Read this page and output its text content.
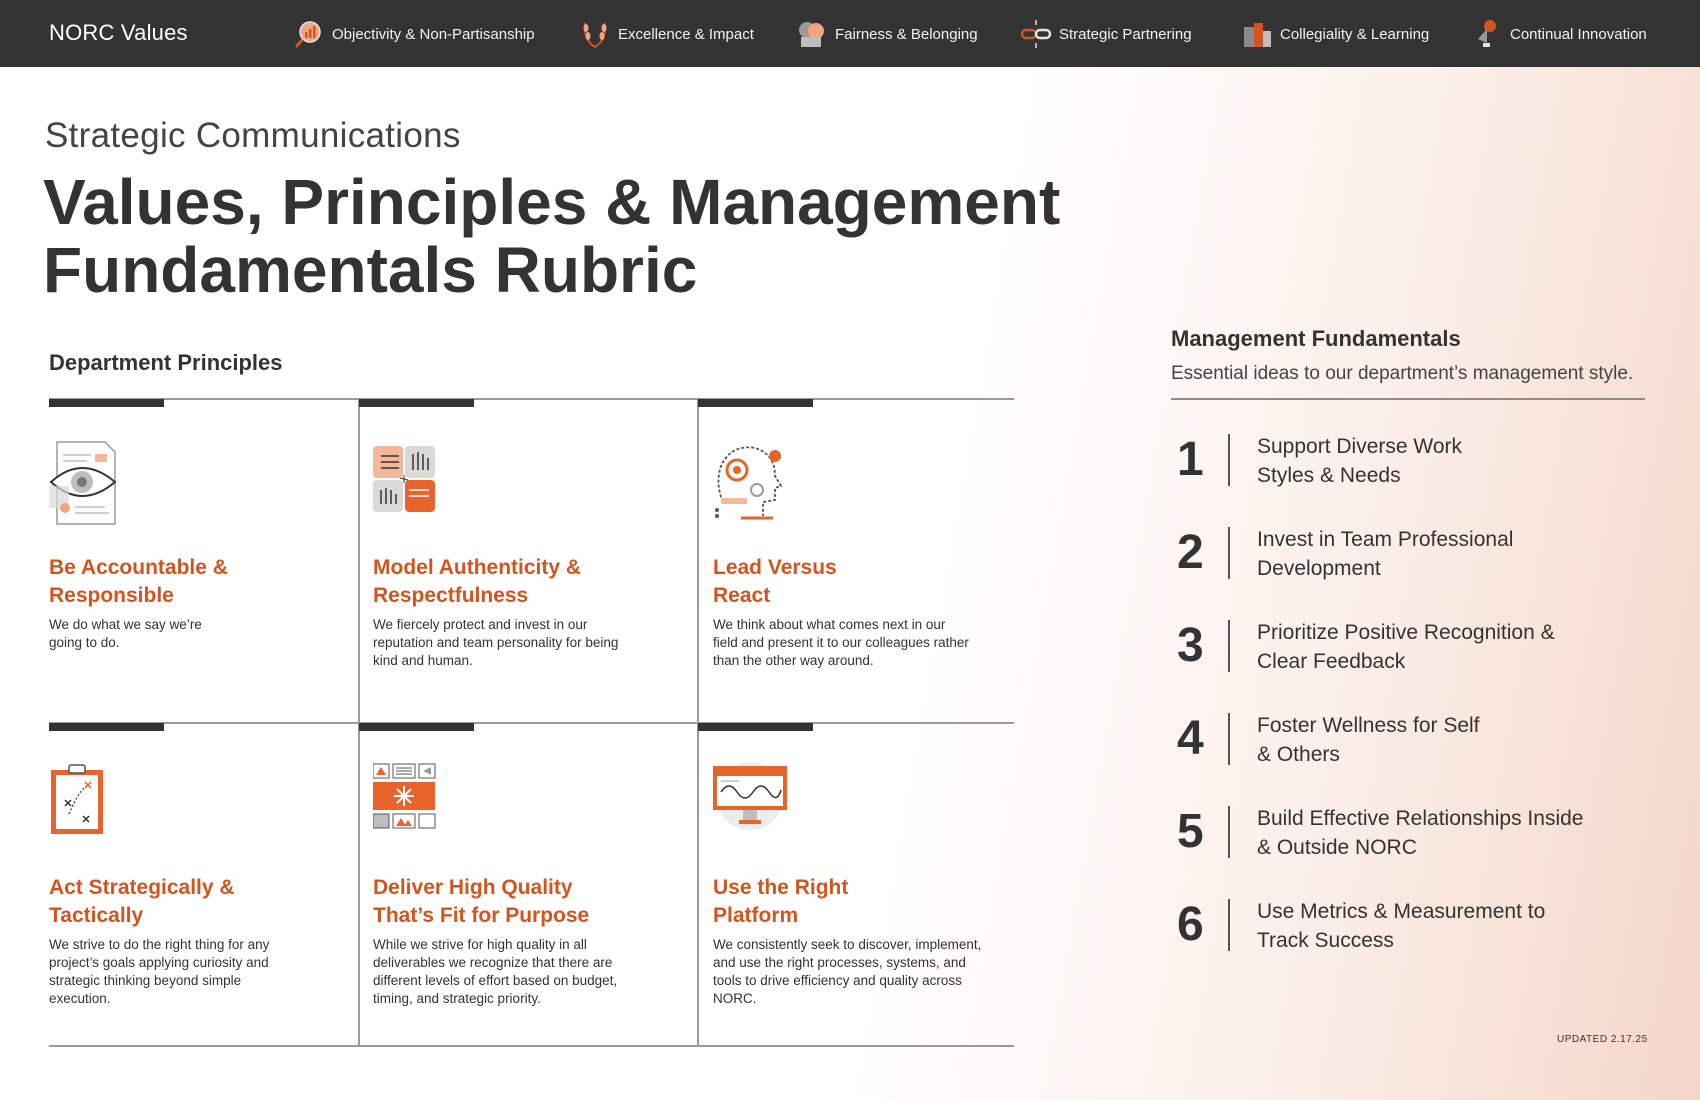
NORC Values	Objectivity & Non-Partisanship	Excellence & Impact	Fairness & Belonging	Strategic Partnering	Collegiality & Learning	Continual Innovation
Strategic Communications
Values, Principles & Management Fundamentals Rubric
Department Principles
Be Accountable & Responsible

We do what we say we’re going to do.

Model Authenticity & Respectfulness

We fiercely protect and invest in our reputation and team personality for being kind and human.

Lead Versus React

We think about what comes next in our field and present it to our colleagues rather than the other way around.

Act Strategically & Tactically

We strive to do the right thing for any project’s goals applying curiosity and strategic thinking beyond simple execution.

Deliver High Quality That’s Fit for Purpose

While we strive for high quality in all deliverables we recognize that there are different levels of effort based on budget, timing, and strategic priority.

Use the Right Platform

We consistently seek to discover, implement, and use the right processes, systems, and tools to drive efficiency and quality across NORC.

Management Fundamentals
Essential ideas to our department’s management style.
1	Support Diverse Work Styles & Needs
2	Invest in Team Professional Development
3	Prioritize Positive Recognition & Clear Feedback
4	Foster Wellness for Self & Others
5	Build Effective Relationships Inside & Outside NORC
6	Use Metrics & Measurement to Track Success
UPDATED 2.17.25
